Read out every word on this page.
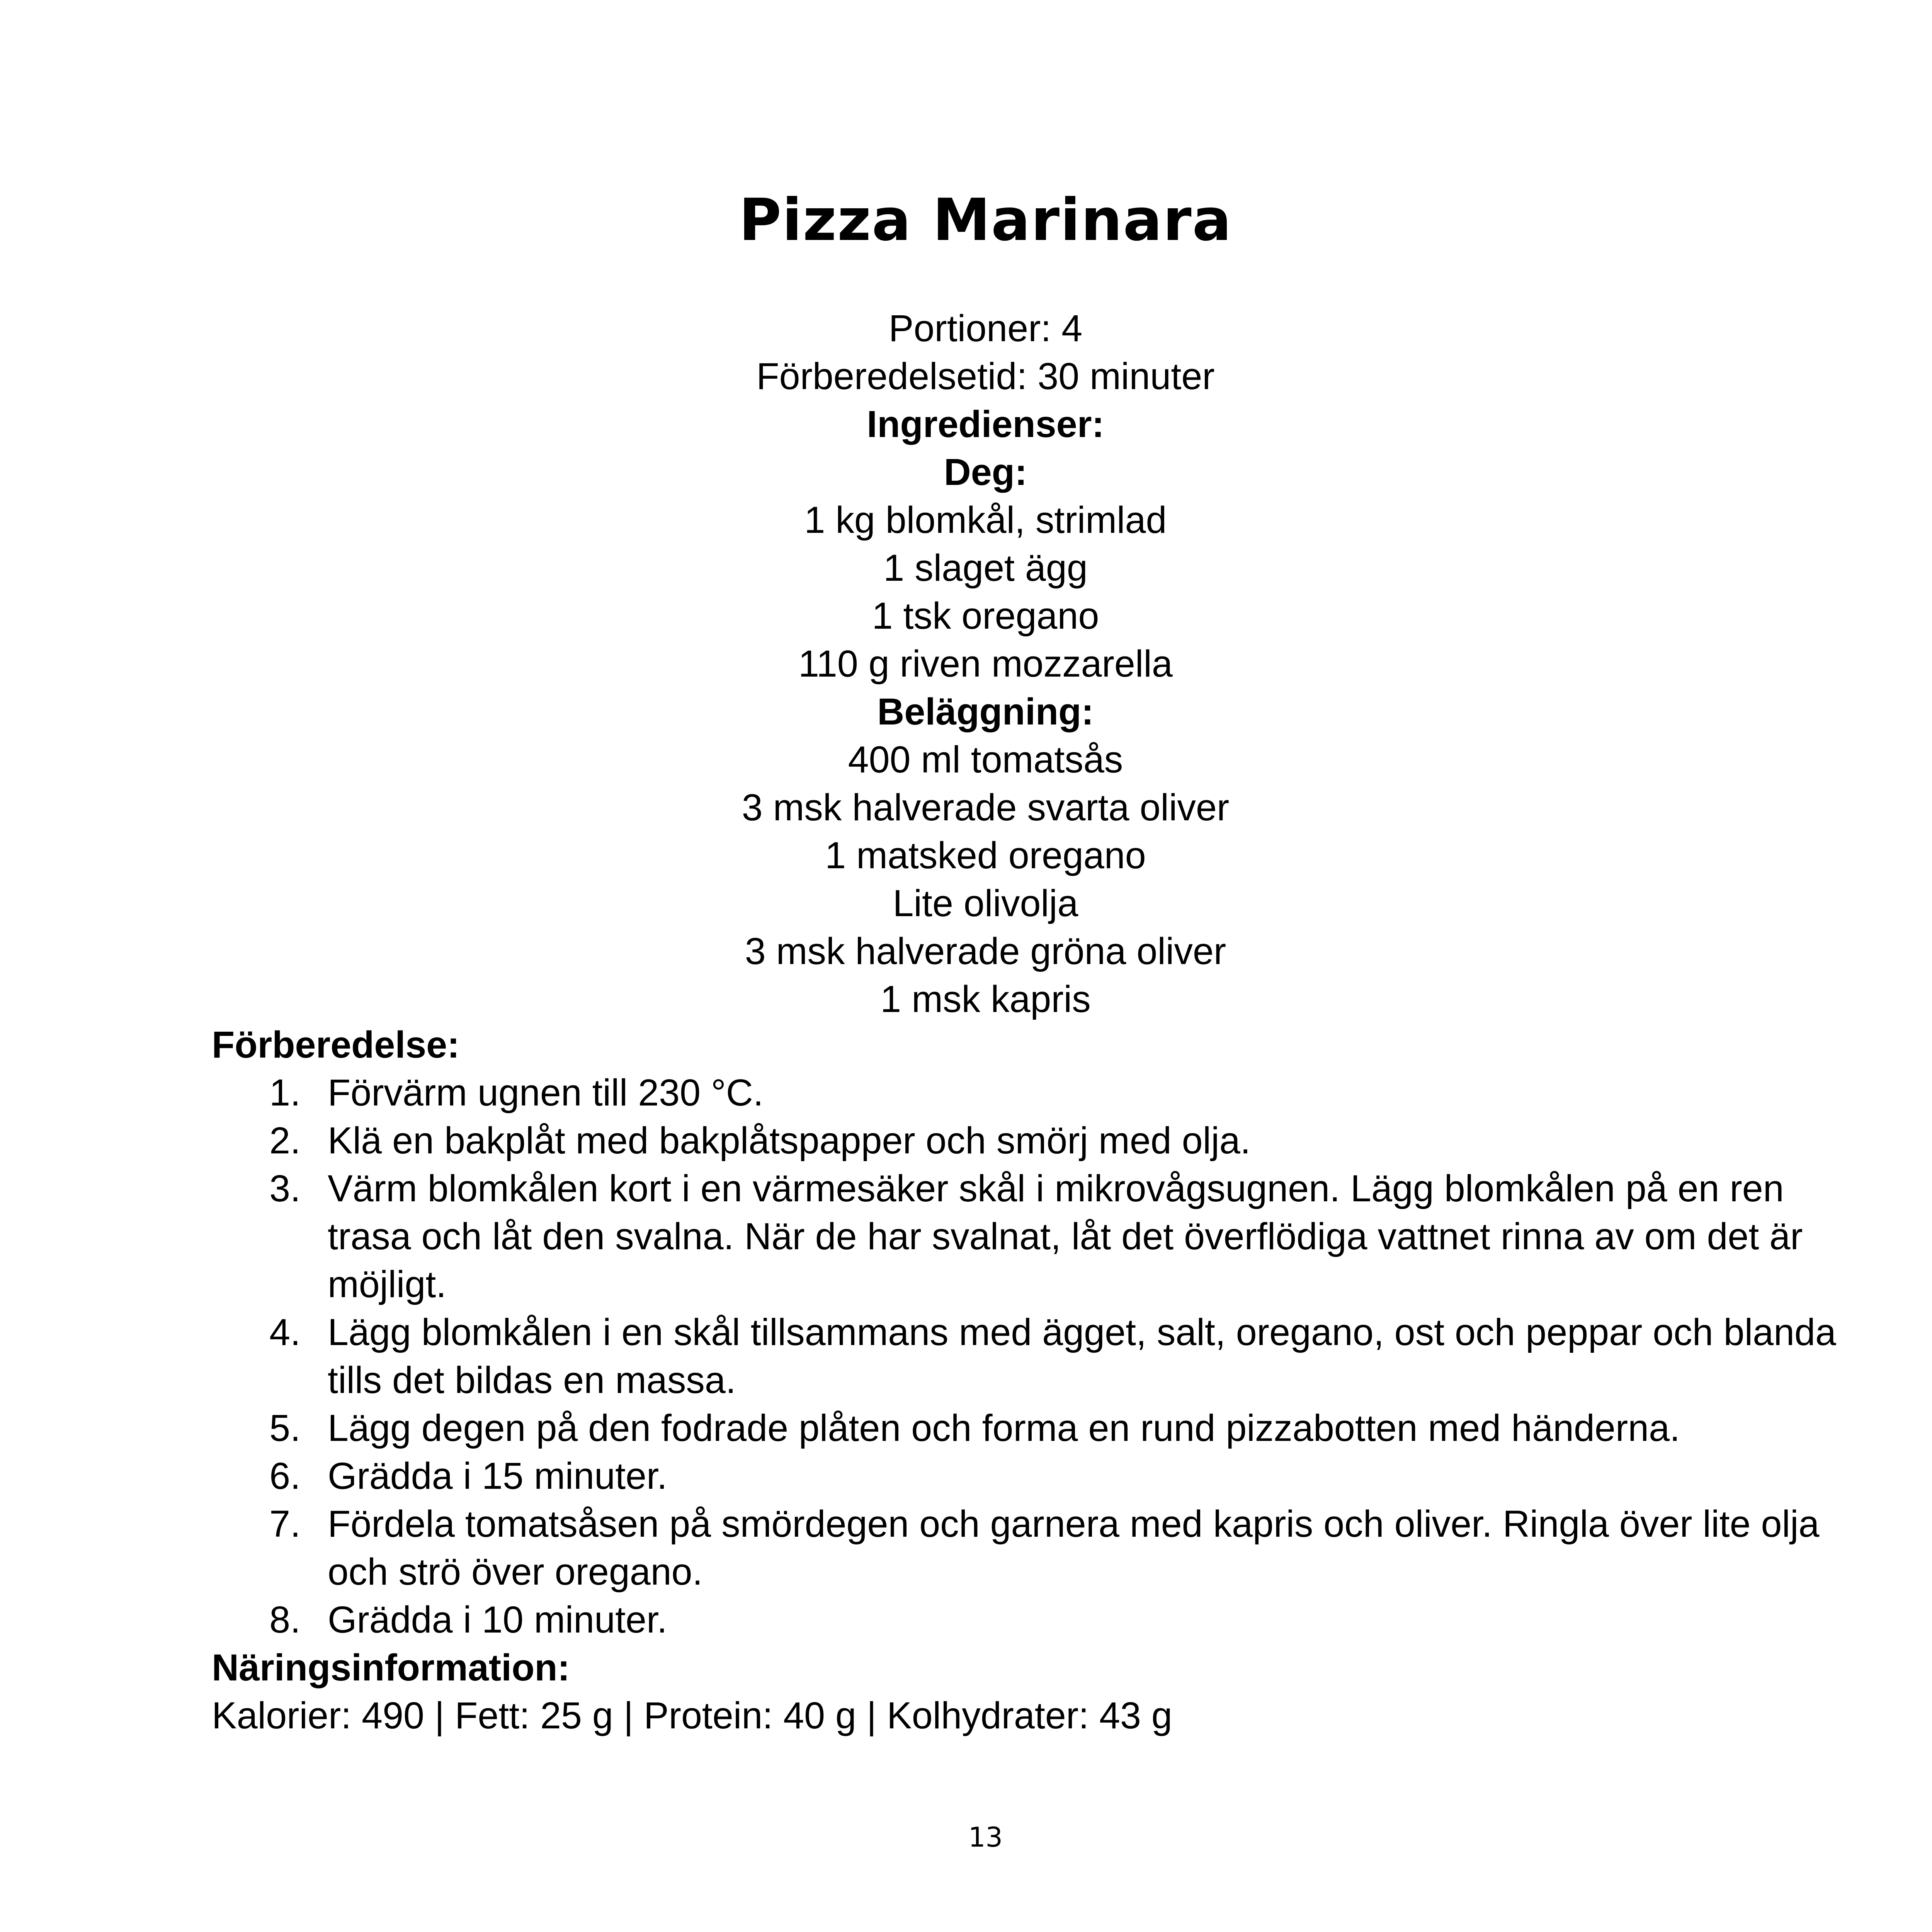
Pizza Marinara
Portioner: 4
Förberedelsetid: 30 minuter
Ingredienser:
Deg:
1 kg blomkål, strimlad
1 slaget ägg
1 tsk oregano
110 g riven mozzarella
Beläggning:
400 ml tomatsås
3 msk halverade svarta oliver
1 matsked oregano
Lite olivolja
3 msk halverade gröna oliver
1 msk kapris
Förberedelse:
1. Förvärm ugnen till 230 °C.
2. Klä en bakplåt med bakplåtspapper och smörj med olja.
3. Värm blomkålen kort i en värmesäker skål i mikrovågsugnen. Lägg blomkålen på en ren trasa och låt den svalna. När de har svalnat, låt det överflödiga vattnet rinna av om det är möjligt.
4. Lägg blomkålen i en skål tillsammans med ägget, salt, oregano, ost och peppar och blanda tills det bildas en massa.
5. Lägg degen på den fodrade plåten och forma en rund pizzabotten med händerna.
6. Grädda i 15 minuter.
7. Fördela tomatsåsen på smördegen och garnera med kapris och oliver. Ringla över lite olja och strö över oregano.
8. Grädda i 10 minuter.
Näringsinformation:
Kalorier: 490 | Fett: 25 g | Protein: 40 g | Kolhydrater: 43 g
13
